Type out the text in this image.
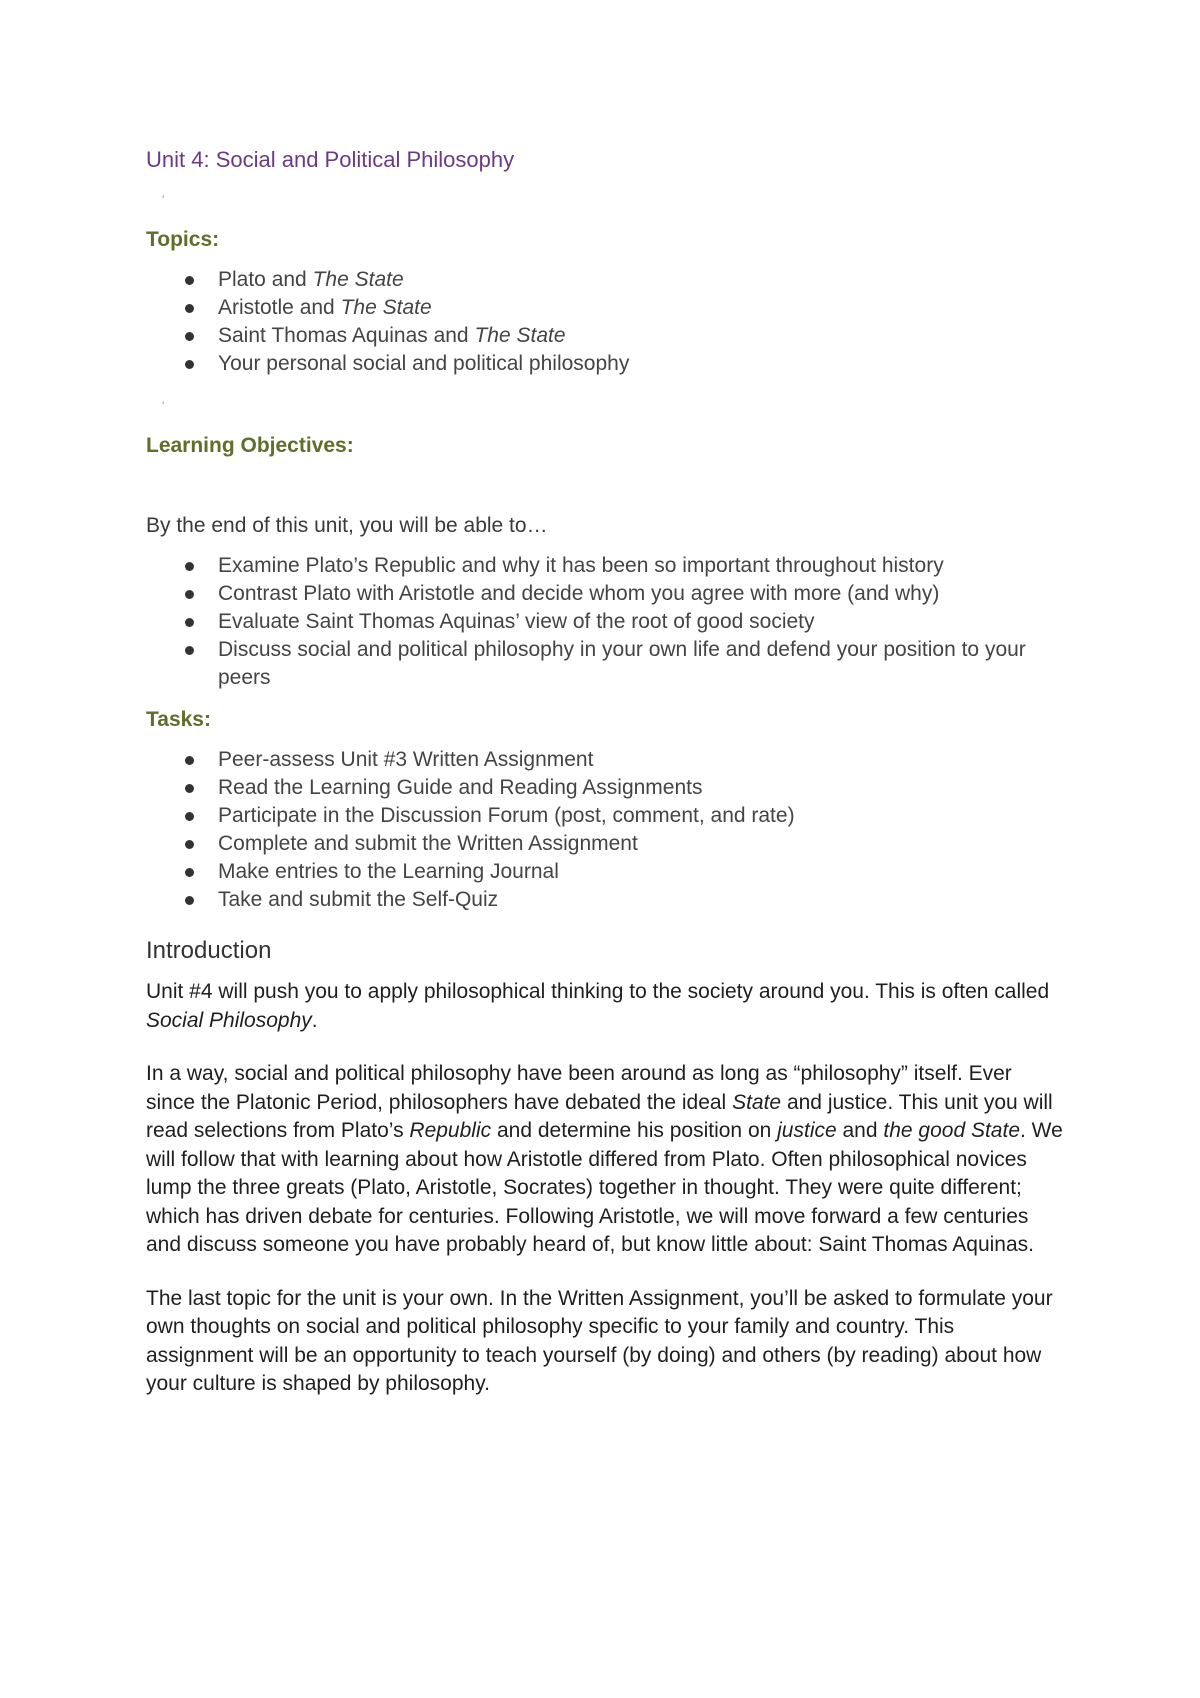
Unit 4: Social and Political Philosophy
'
Topics:
Plato and The State
Aristotle and The State
Saint Thomas Aquinas and The State
Your personal social and political philosophy
'
Learning Objectives:

By the end of this unit, you will be able to…

Examine Plato’s Republic and why it has been so important throughout history
Contrast Plato with Aristotle and decide whom you agree with more (and why)
Evaluate Saint Thomas Aquinas’ view of the root of good society
Discuss social and political philosophy in your own life and defend your position to your peers
Tasks:
Peer-assess Unit #3 Written Assignment
Read the Learning Guide and Reading Assignments
Participate in the Discussion Forum (post, comment, and rate)
Complete and submit the Written Assignment
Make entries to the Learning Journal
Take and submit the Self-Quiz
Introduction

Unit #4 will push you to apply philosophical thinking to the society around you. This is often called Social Philosophy.

In a way, social and political philosophy have been around as long as “philosophy” itself. Ever since the Platonic Period, philosophers have debated the ideal State and justice. This unit you will read selections from Plato’s Republic and determine his position on justice and the good State. We will follow that with learning about how Aristotle differed from Plato. Often philosophical novices lump the three greats (Plato, Aristotle, Socrates) together in thought. They were quite different; which has driven debate for centuries. Following Aristotle, we will move forward a few centuries and discuss someone you have probably heard of, but know little about: Saint Thomas Aquinas.

The last topic for the unit is your own. In the Written Assignment, you’ll be asked to formulate your own thoughts on social and political philosophy specific to your family and country. This assignment will be an opportunity to teach yourself (by doing) and others (by reading) about how your culture is shaped by philosophy.
